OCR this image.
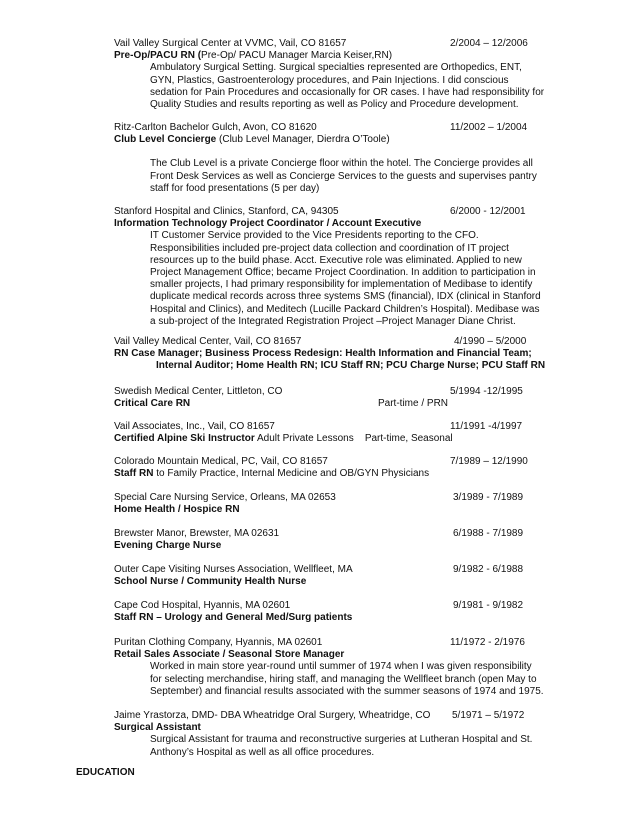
Vail Valley Surgical Center at VVMC, Vail, CO 81657	2/2004 – 12/2006
Pre-Op/PACU RN (Pre-Op/ PACU Manager Marcia Keiser,RN)
Ambulatory Surgical Setting. Surgical specialties represented are Orthopedics, ENT,
GYN, Plastics, Gastroenterology procedures, and Pain Injections. I did conscious
sedation for Pain Procedures and occasionally for OR cases. I have had responsibility for
Quality Studies and results reporting as well as Policy and Procedure development.
Ritz-Carlton Bachelor Gulch, Avon, CO 81620	11/2002 – 1/2004
Club Level Concierge (Club Level Manager, Dierdra O’Toole)
The Club Level is a private Concierge floor within the hotel. The Concierge provides all
Front Desk Services as well as Concierge Services to the guests and supervises pantry
staff for food presentations (5 per day)
Stanford Hospital and Clinics, Stanford, CA, 94305	6/2000 - 12/2001
Information Technology Project Coordinator / Account Executive
IT Customer Service provided to the Vice Presidents reporting to the CFO.
Responsibilities included pre-project data collection and coordination of IT project
resources up to the build phase. Acct. Executive role was eliminated. Applied to new
Project Management Office; became Project Coordination. In addition to participation in
smaller projects, I had primary responsibility for implementation of Medibase to identify
duplicate medical records across three systems SMS (financial), IDX (clinical in Stanford
Hospital and Clinics), and Meditech (Lucille Packard Children’s Hospital). Medibase was
a sub-project of the Integrated Registration Project –Project Manager Diane Christ.
Vail Valley Medical Center, Vail, CO 81657	4/1990 – 5/2000
RN Case Manager; Business Process Redesign: Health Information and Financial Team;
Internal Auditor; Home Health RN; ICU Staff RN; PCU Charge Nurse; PCU Staff RN
Swedish Medical Center, Littleton, CO	5/1994 -12/1995
Critical Care RN	Part-time / PRN
Vail Associates, Inc., Vail, CO 81657	11/1991 -4/1997
Certified Alpine Ski Instructor Adult Private Lessons    Part-time, Seasonal
Colorado Mountain Medical, PC, Vail, CO 81657	7/1989 – 12/1990
Staff RN to Family Practice, Internal Medicine and OB/GYN Physicians
Special Care Nursing Service, Orleans, MA 02653	3/1989 - 7/1989
Home Health / Hospice RN
Brewster Manor, Brewster, MA 02631	6/1988 - 7/1989
Evening Charge Nurse
Outer Cape Visiting Nurses Association, Wellfleet, MA	9/1982 - 6/1988
School Nurse / Community Health Nurse
Cape Cod Hospital, Hyannis, MA 02601	9/1981 - 9/1982
Staff RN – Urology and General Med/Surg patients
Puritan Clothing Company, Hyannis, MA 02601	11/1972 - 2/1976
Retail Sales Associate / Seasonal Store Manager
Worked in main store year-round until summer of 1974 when I was given responsibility
for selecting merchandise, hiring staff, and managing the Wellfleet branch (open May to
September) and financial results associated with the summer seasons of 1974 and 1975.
Jaime Yrastorza, DMD- DBA Wheatridge Oral Surgery, Wheatridge, CO 5/1971 – 5/1972
Surgical Assistant
Surgical Assistant for trauma and reconstructive surgeries at Lutheran Hospital and St.
Anthony’s Hospital as well as all office procedures.
EDUCATION
